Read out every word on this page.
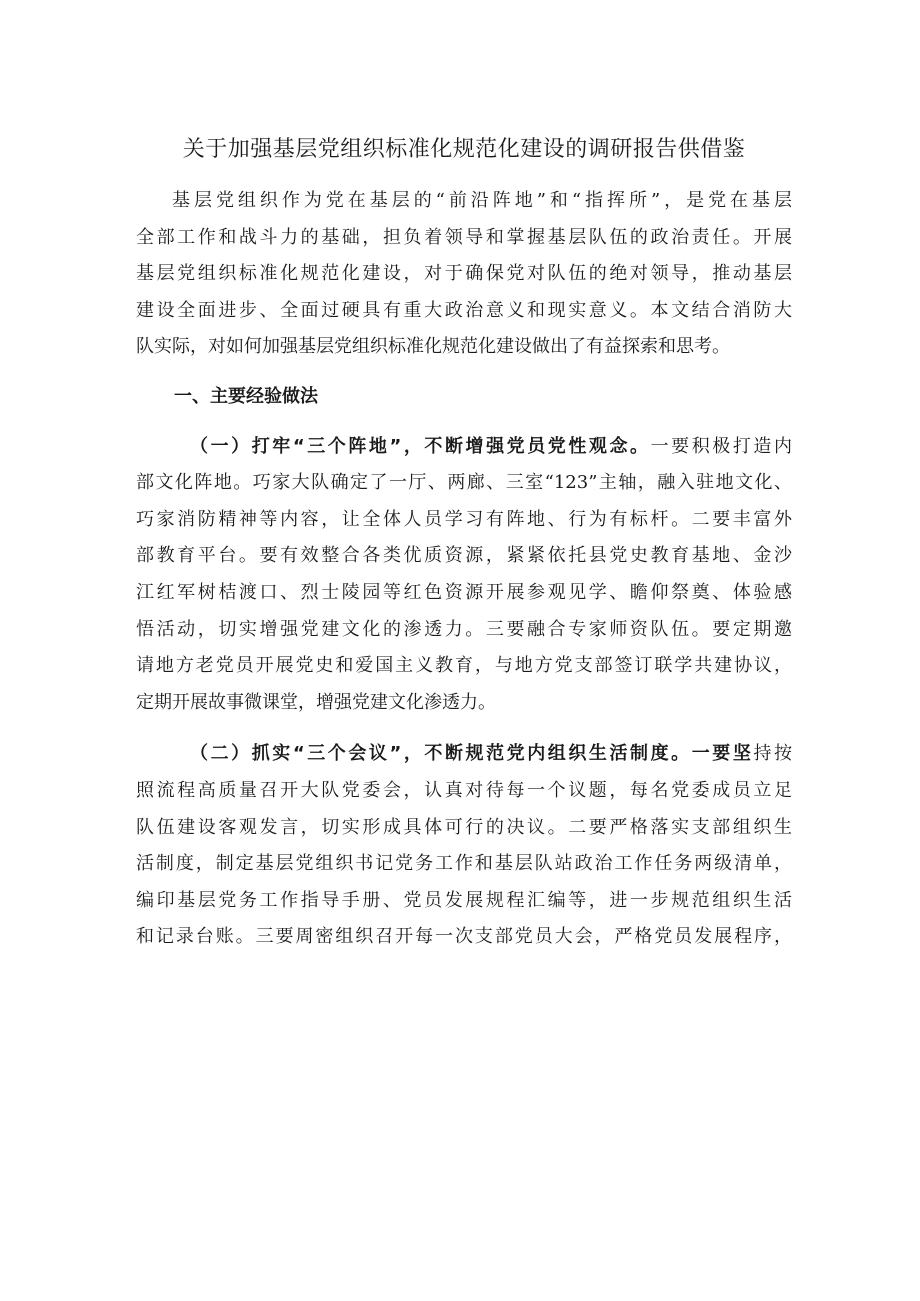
关于加强基层党组织标准化规范化建设的调研报告供借鉴
基层党组织作为党在基层的“前沿阵地”和“指挥所”，是党在基层
全部工作和战斗力的基础，担负着领导和掌握基层队伍的政治责任。开展
基层党组织标准化规范化建设，对于确保党对队伍的绝对领导，推动基层
建设全面进步、全面过硬具有重大政治意义和现实意义。本文结合消防大
队实际，对如何加强基层党组织标准化规范化建设做出了有益探索和思考。
一、主要经验做法
（一）打牢“三个阵地”，不断增强党员党性观念。一要积极打造内
部文化阵地。巧家大队确定了一厅、两廊、三室“123”主轴，融入驻地文化、
巧家消防精神等内容，让全体人员学习有阵地、行为有标杆。二要丰富外
部教育平台。要有效整合各类优质资源，紧紧依托县党史教育基地、金沙
江红军树桔渡口、烈士陵园等红色资源开展参观见学、瞻仰祭奠、体验感
悟活动，切实增强党建文化的渗透力。三要融合专家师资队伍。要定期邀
请地方老党员开展党史和爱国主义教育，与地方党支部签订联学共建协议，
定期开展故事微课堂，增强党建文化渗透力。
（二）抓实“三个会议”，不断规范党内组织生活制度。一要坚持按
照流程高质量召开大队党委会，认真对待每一个议题，每名党委成员立足
队伍建设客观发言，切实形成具体可行的决议。二要严格落实支部组织生
活制度，制定基层党组织书记党务工作和基层队站政治工作任务两级清单，
编印基层党务工作指导手册、党员发展规程汇编等，进一步规范组织生活
和记录台账。三要周密组织召开每一次支部党员大会，严格党员发展程序，
